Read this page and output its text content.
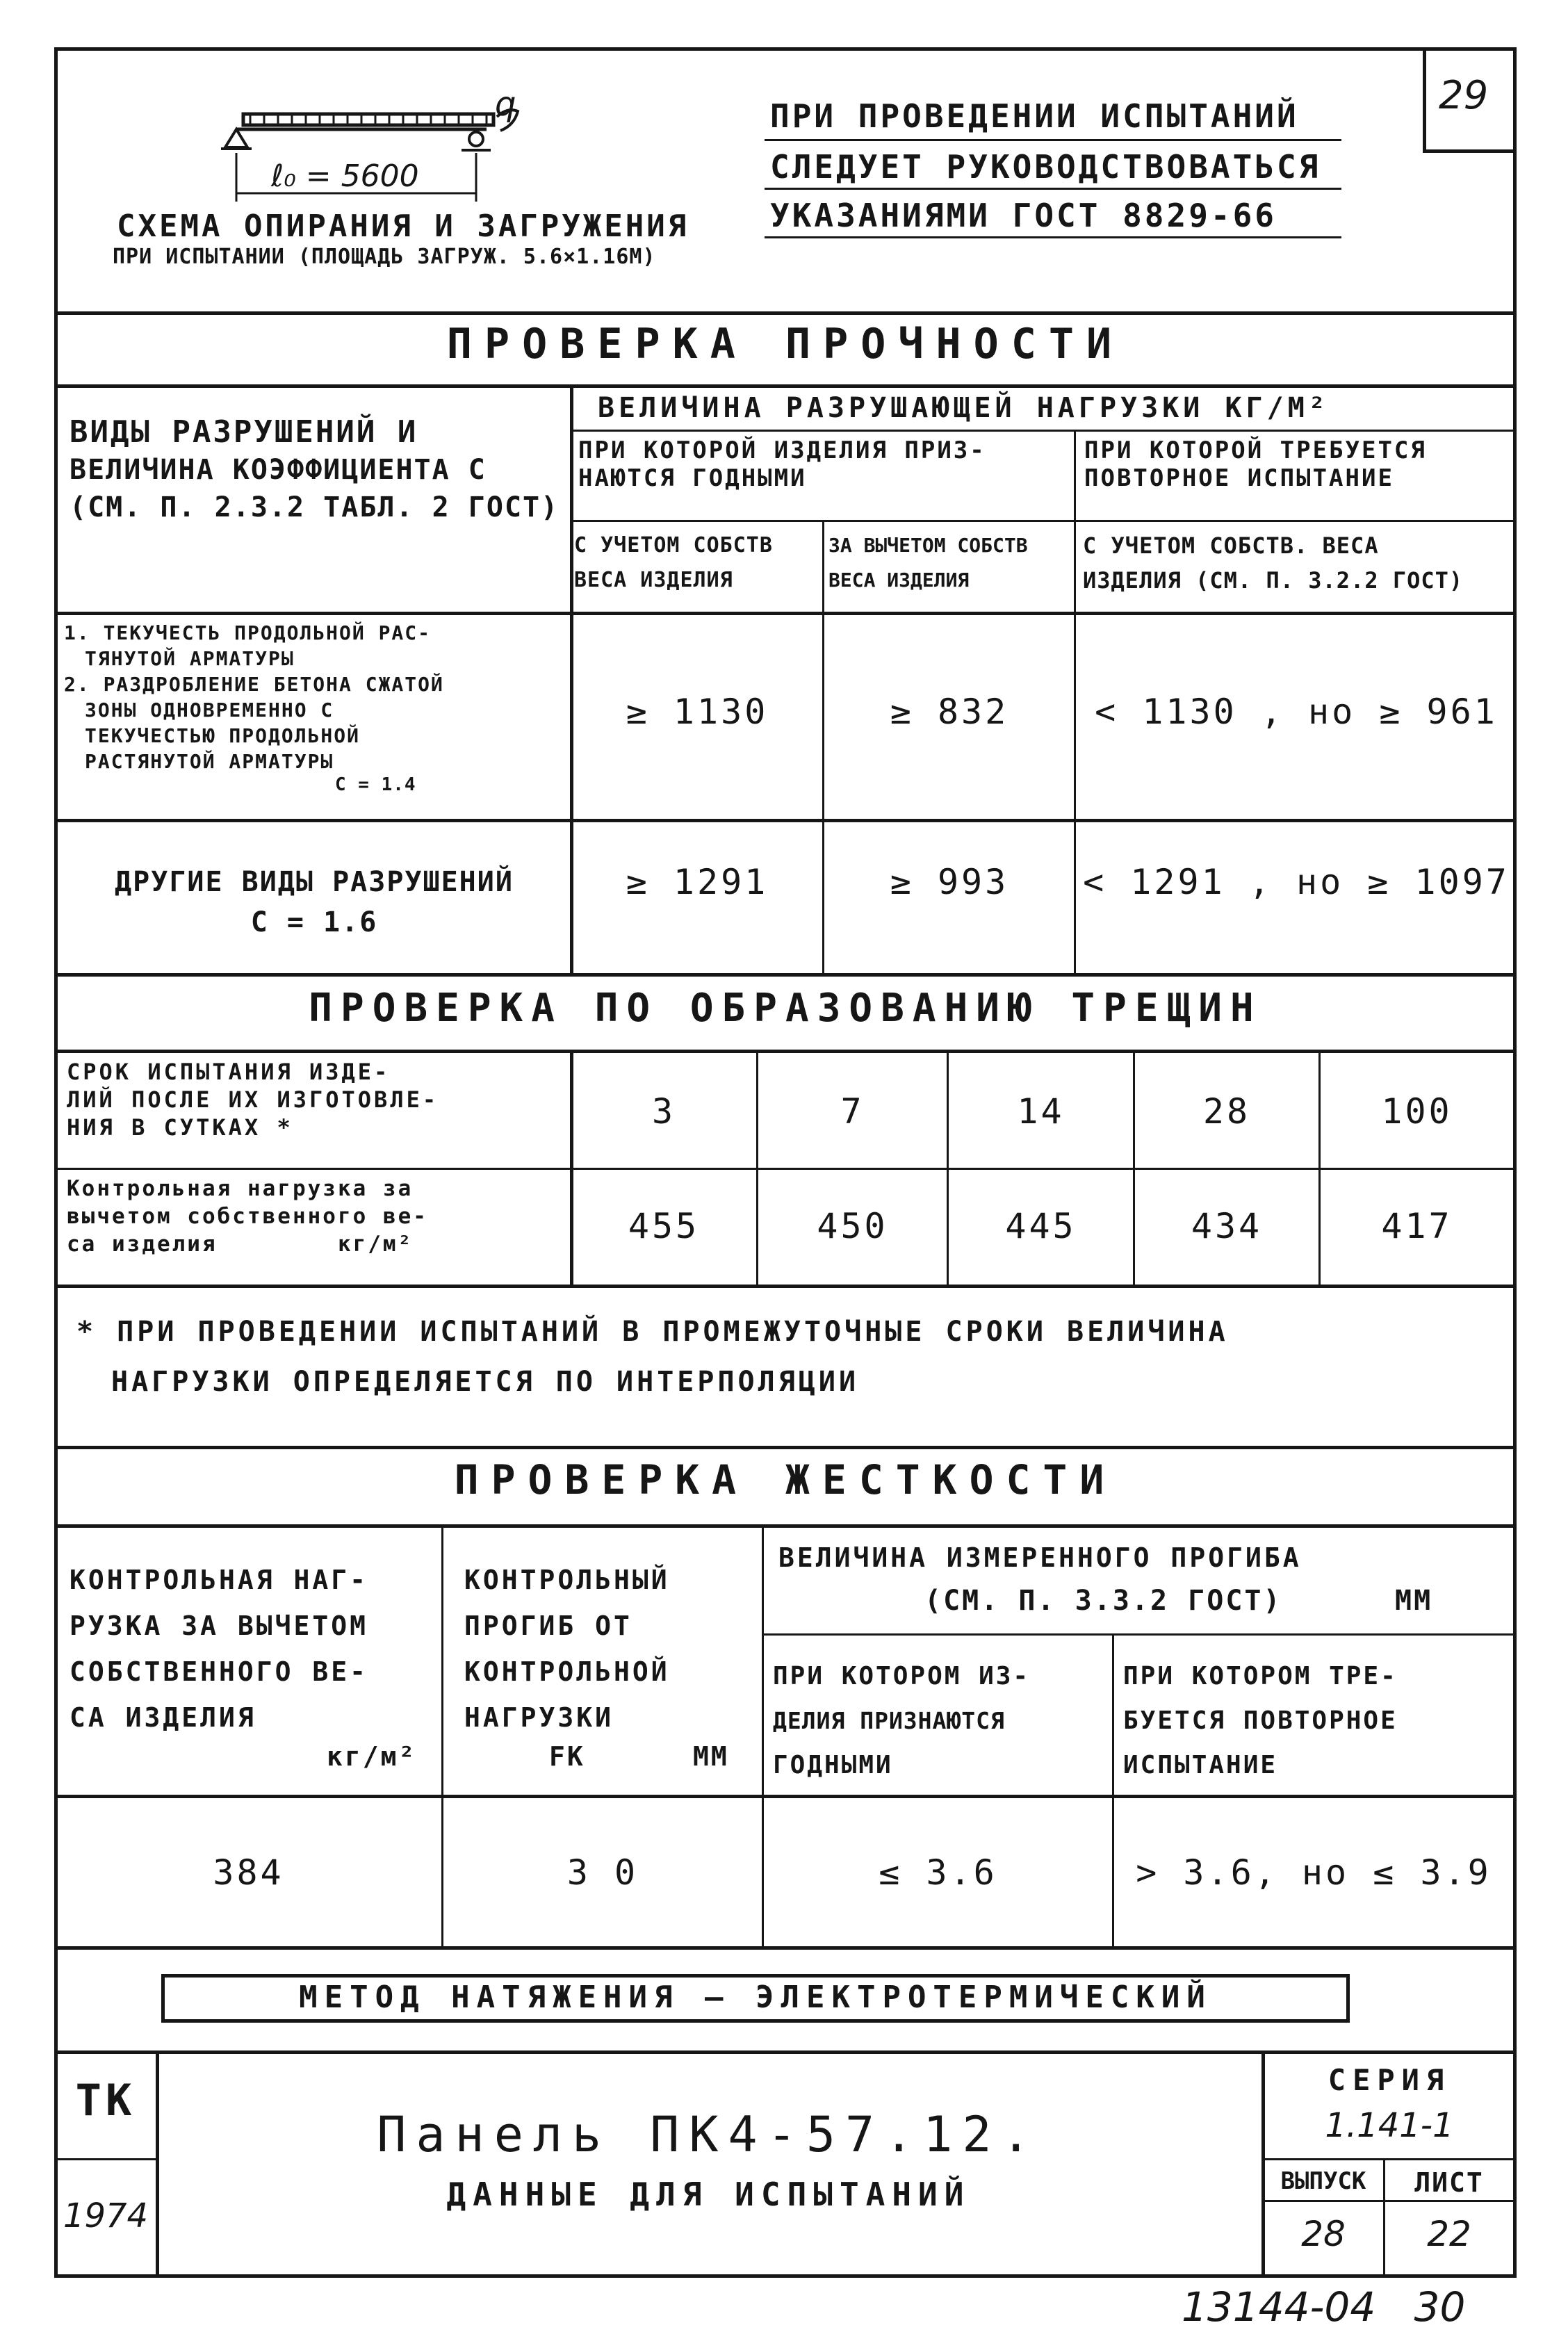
29
q
ℓ₀ = 5600
СХЕМА ОПИРАНИЯ И ЗАГРУЖЕНИЯ
ПРИ ИСПЫТАНИИ (ПЛОЩАДЬ ЗАГРУЖ. 5.6×1.16М)
ПРИ ПРОВЕДЕНИИ ИСПЫТАНИЙ
СЛЕДУЕТ РУКОВОДСТВОВАТЬСЯ
УКАЗАНИЯМИ ГОСТ 8829-66
ПРОВЕРКА ПРОЧНОСТИ
ВИДЫ РАЗРУШЕНИЙ И
ВЕЛИЧИНА КОЭФФИЦИЕНТА С
(СМ. П. 2.3.2 ТАБЛ. 2 ГОСТ)
ВЕЛИЧИНА РАЗРУШАЮЩЕЙ НАГРУЗКИ КГ/М²
ПРИ КОТОРОЙ ИЗДЕЛИЯ ПРИЗ-
НАЮТСЯ ГОДНЫМИ
ПРИ КОТОРОЙ ТРЕБУЕТСЯ
ПОВТОРНОЕ ИСПЫТАНИЕ
С УЧЕТОМ СОБСТВ
ВЕСА ИЗДЕЛИЯ
ЗА ВЫЧЕТОМ СОБСТВ
ВЕСА ИЗДЕЛИЯ
С УЧЕТОМ СОБСТВ. ВЕСА
ИЗДЕЛИЯ (СМ. П. 3.2.2 ГОСТ)
1. ТЕКУЧЕСТЬ ПРОДОЛЬНОЙ РАС-
ТЯНУТОЙ АРМАТУРЫ
2. РАЗДРОБЛЕНИЕ БЕТОНА СЖАТОЙ
ЗОНЫ ОДНОВРЕМЕННО С
ТЕКУЧЕСТЬЮ ПРОДОЛЬНОЙ
РАСТЯНУТОЙ АРМАТУРЫ
С = 1.4
≥ 1130	≥ 832	< 1130 , но ≥ 961
ДРУГИЕ ВИДЫ РАЗРУШЕНИЙ
С = 1.6
≥ 1291	≥ 993	< 1291 , но ≥ 1097
ПРОВЕРКА ПО ОБРАЗОВАНИЮ ТРЕЩИН
СРОК ИСПЫТАНИЯ ИЗДЕ-
ЛИЙ ПОСЛЕ ИХ ИЗГОТОВЛЕ-
НИЯ В СУТКАХ *	3	7	14	28	100
Контрольная нагрузка за
вычетом собственного ве-
са изделия        кг/м²	455	450	445	434	417
* ПРИ ПРОВЕДЕНИИ ИСПЫТАНИЙ В ПРОМЕЖУТОЧНЫЕ СРОКИ ВЕЛИЧИНА
НАГРУЗКИ ОПРЕДЕЛЯЕТСЯ ПО ИНТЕРПОЛЯЦИИ
ПРОВЕРКА ЖЕСТКОСТИ
КОНТРОЛЬНАЯ НАГ-
РУЗКА ЗА ВЫЧЕТОМ
СОБСТВЕННОГО ВЕ-
СА ИЗДЕЛИЯ
кг/м²
КОНТРОЛЬНЫЙ
ПРОГИБ ОТ
КОНТРОЛЬНОЙ
НАГРУЗКИ
FК      ММ
ВЕЛИЧИНА ИЗМЕРЕННОГО ПРОГИБА
(СМ. П. 3.3.2 ГОСТ)      ММ
ПРИ КОТОРОМ ИЗ-
ДЕЛИЯ ПРИЗНАЮТСЯ
ГОДНЫМИ
ПРИ КОТОРОМ ТРЕ-
БУЕТСЯ ПОВТОРНОЕ
ИСПЫТАНИЕ
384	3 0	≤ 3.6	> 3.6, но ≤ 3.9
МЕТОД НАТЯЖЕНИЯ — ЭЛЕКТРОТЕРМИЧЕСКИЙ
ТК
1974
Панель ПК4-57.12.
ДАННЫЕ ДЛЯ ИСПЫТАНИЙ
СЕРИЯ
1.141-1
ВЫПУСК
28
ЛИСТ
22
13144-04   30
